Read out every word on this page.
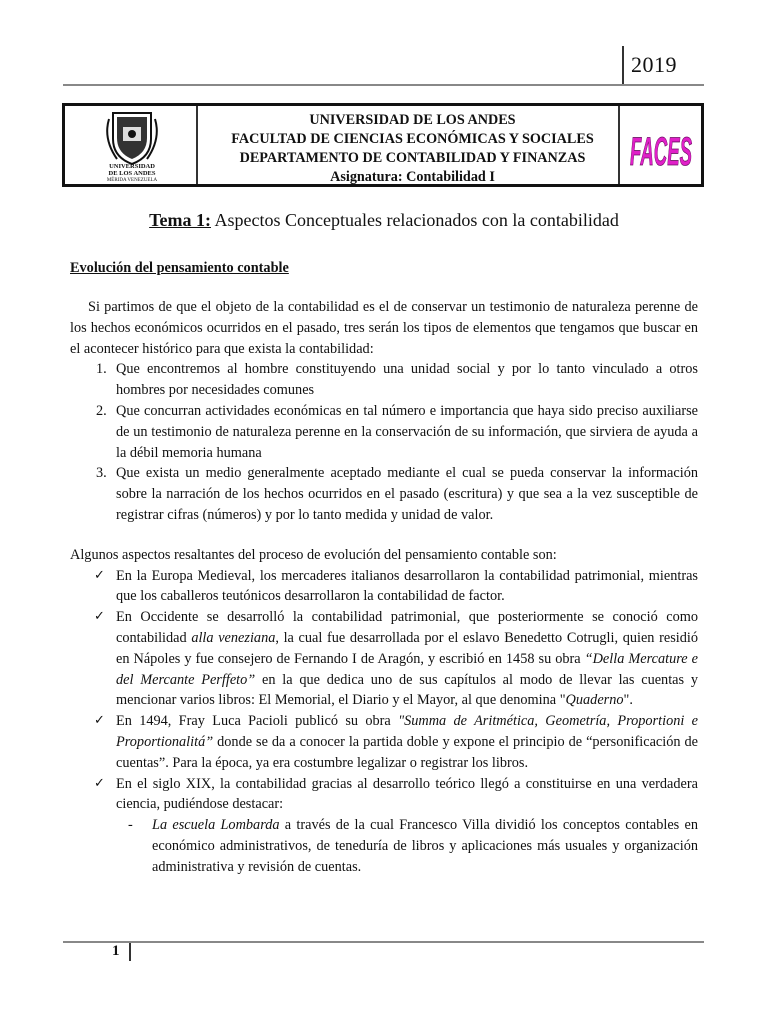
2019
UNIVERSIDAD
DE LOS ANDES
MÉRIDA VENEZUELA
UNIVERSIDAD DE LOS ANDES
FACULTAD DE CIENCIAS ECONÓMICAS Y SOCIALES
DEPARTAMENTO DE CONTABILIDAD Y FINANZAS
Asignatura: Contabilidad I
FACES
Tema 1: Aspectos Conceptuales relacionados con la contabilidad
Evolución del pensamiento contable

Si partimos de que el objeto de la contabilidad es el de conservar un testimonio de naturaleza perenne de los hechos económicos ocurridos en el pasado, tres serán los tipos de elementos que tengamos que buscar en el acontecer histórico para que exista la contabilidad:

1. Que encontremos al hombre constituyendo una unidad social y por lo tanto vinculado a otros hombres por necesidades comunes
2. Que concurran actividades económicas en tal número e importancia que haya sido preciso auxiliarse de un testimonio de naturaleza perenne en la conservación de su información, que sirviera de ayuda a la débil memoria humana
3. Que exista un medio generalmente aceptado mediante el cual se pueda conservar la información sobre la narración de los hechos ocurridos en el pasado (escritura) y que sea a la vez susceptible de registrar cifras (números) y por lo tanto medida y unidad de valor.

Algunos aspectos resaltantes del proceso de evolución del pensamiento contable son:

✓ En la Europa Medieval, los mercaderes italianos desarrollaron la contabilidad patrimonial, mientras que los caballeros teutónicos desarrollaron la contabilidad de factor.
✓ En Occidente se desarrolló la contabilidad patrimonial, que posteriormente se conoció como contabilidad alla veneziana, la cual fue desarrollada por el eslavo Benedetto Cotrugli, quien residió en Nápoles y fue consejero de Fernando I de Aragón, y escribió en 1458 su obra “Della Mercature e del Mercante Perffeto” en la que dedica uno de sus capítulos al modo de llevar las cuentas y mencionar varios libros: El Memorial, el Diario y el Mayor, al que denomina "Quaderno".
✓ En 1494, Fray Luca Pacioli publicó su obra "Summa de Aritmética, Geometría, Proportioni e Proportionalitá” donde se da a conocer la partida doble y expone el principio de “personificación de cuentas”. Para la época, ya era costumbre legalizar o registrar los libros.
✓ En el siglo XIX, la contabilidad gracias al desarrollo teórico llegó a constituirse en una verdadera ciencia, pudiéndose destacar:
- La escuela Lombarda a través de la cual Francesco Villa dividió los conceptos contables en económico administrativos, de teneduría de libros y aplicaciones más usuales y organización administrativa y revisión de cuentas.
1
